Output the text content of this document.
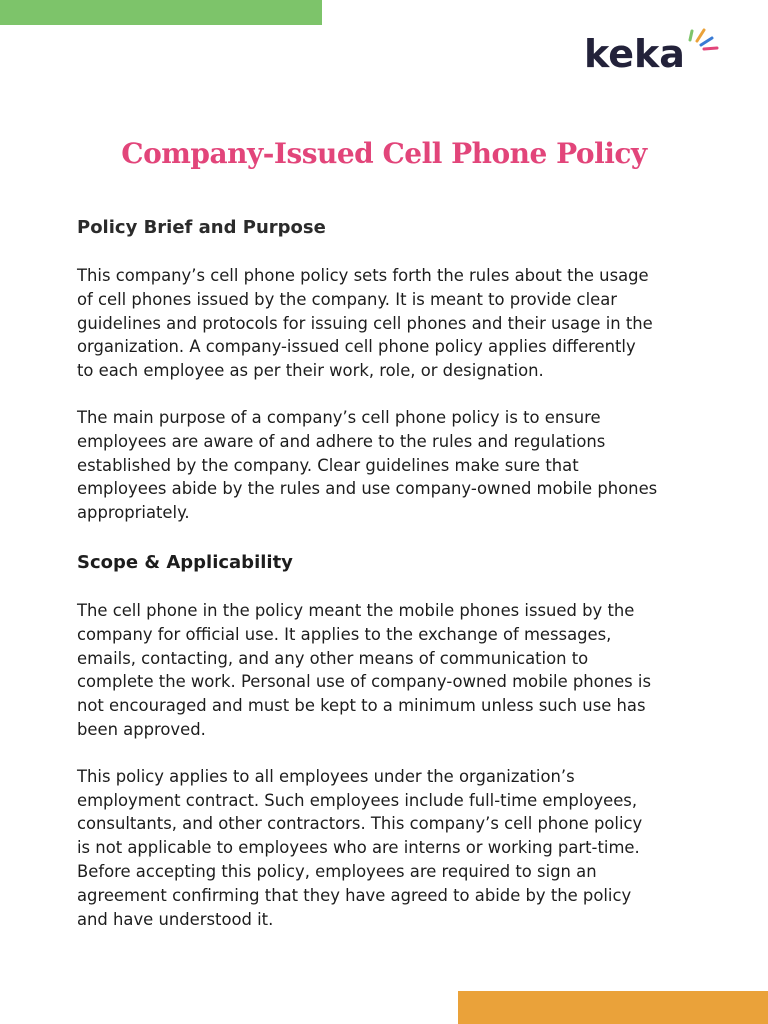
keka
Company-Issued Cell Phone Policy

Policy Brief and Purpose

This company’s cell phone policy sets forth the rules about the usage
of cell phones issued by the company. It is meant to provide clear
guidelines and protocols for issuing cell phones and their usage in the
organization. A company-issued cell phone policy applies differently
to each employee as per their work, role, or designation.

The main purpose of a company’s cell phone policy is to ensure
employees are aware of and adhere to the rules and regulations
established by the company. Clear guidelines make sure that
employees abide by the rules and use company-owned mobile phones
appropriately.

Scope & Applicability

The cell phone in the policy meant the mobile phones issued by the
company for official use. It applies to the exchange of messages,
emails, contacting, and any other means of communication to
complete the work. Personal use of company-owned mobile phones is
not encouraged and must be kept to a minimum unless such use has
been approved.

This policy applies to all employees under the organization’s
employment contract. Such employees include full-time employees,
consultants, and other contractors. This company’s cell phone policy
is not applicable to employees who are interns or working part-time.
Before accepting this policy, employees are required to sign an
agreement confirming that they have agreed to abide by the policy
and have understood it.
